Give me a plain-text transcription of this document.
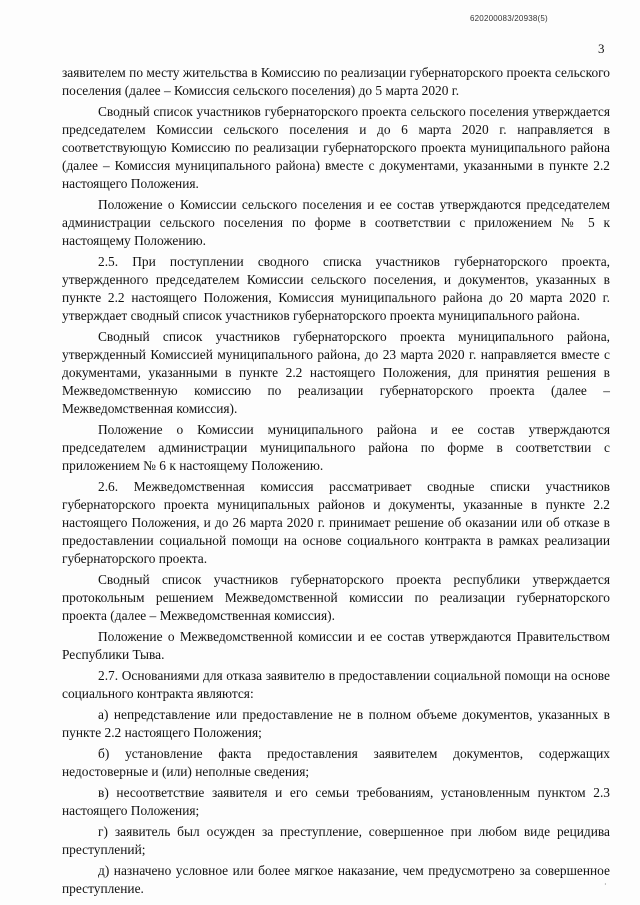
620200083/20938(5)
3

заявителем по месту жительства в Комиссию по реализации губернаторского проекта сельского поселения (далее – Комиссия сельского поселения) до 5 марта 2020 г.

Сводный список участников губернаторского проекта сельского поселения утверждается председателем Комиссии сельского поселения и до 6 марта 2020 г. направляется в соответствующую Комиссию по реализации губернаторского проекта муниципального района (далее – Комиссия муниципального района) вместе с документами, указанными в пункте 2.2 настоящего Положения.

Положение о Комиссии сельского поселения и ее состав утверждаются председателем администрации сельского поселения по форме в соответствии с приложением № 5 к настоящему Положению.

2.5. При поступлении сводного списка участников губернаторского проекта, утвержденного председателем Комиссии сельского поселения, и документов, указанных в пункте 2.2 настоящего Положения, Комиссия муниципального района до 20 марта 2020 г. утверждает сводный список участников губернаторского проекта муниципального района.

Сводный список участников губернаторского проекта муниципального района, утвержденный Комиссией муниципального района, до 23 марта 2020 г. направляется вместе с документами, указанными в пункте 2.2 настоящего Положения, для принятия решения в Межведомственную комиссию по реализации губернаторского проекта (далее – Межведомственная комиссия).

Положение о Комиссии муниципального района и ее состав утверждаются председателем администрации муниципального района по форме в соответствии с приложением № 6 к настоящему Положению.

2.6. Межведомственная комиссия рассматривает сводные списки участников губернаторского проекта муниципальных районов и документы, указанные в пункте 2.2 настоящего Положения, и до 26 марта 2020 г. принимает решение об оказании или об отказе в предоставлении социальной помощи на основе социального контракта в рамках реализации губернаторского проекта.

Сводный список участников губернаторского проекта республики утверждается протокольным решением Межведомственной комиссии по реализации губернаторского проекта (далее – Межведомственная комиссия).

Положение о Межведомственной комиссии и ее состав утверждаются Правительством Республики Тыва.

2.7. Основаниями для отказа заявителю в предоставлении социальной помощи на основе социального контракта являются:

а) непредставление или предоставление не в полном объеме документов, указанных в пункте 2.2 настоящего Положения;

б) установление факта предоставления заявителем документов, содержащих недостоверные и (или) неполные сведения;

в) несоответствие заявителя и его семьи требованиям, установленным пунктом 2.3 настоящего Положения;

г) заявитель был осужден за преступление, совершенное при любом виде рецидива преступлений;

д) назначено условное или более мягкое наказание, чем предусмотрено за совершенное преступление.	·
